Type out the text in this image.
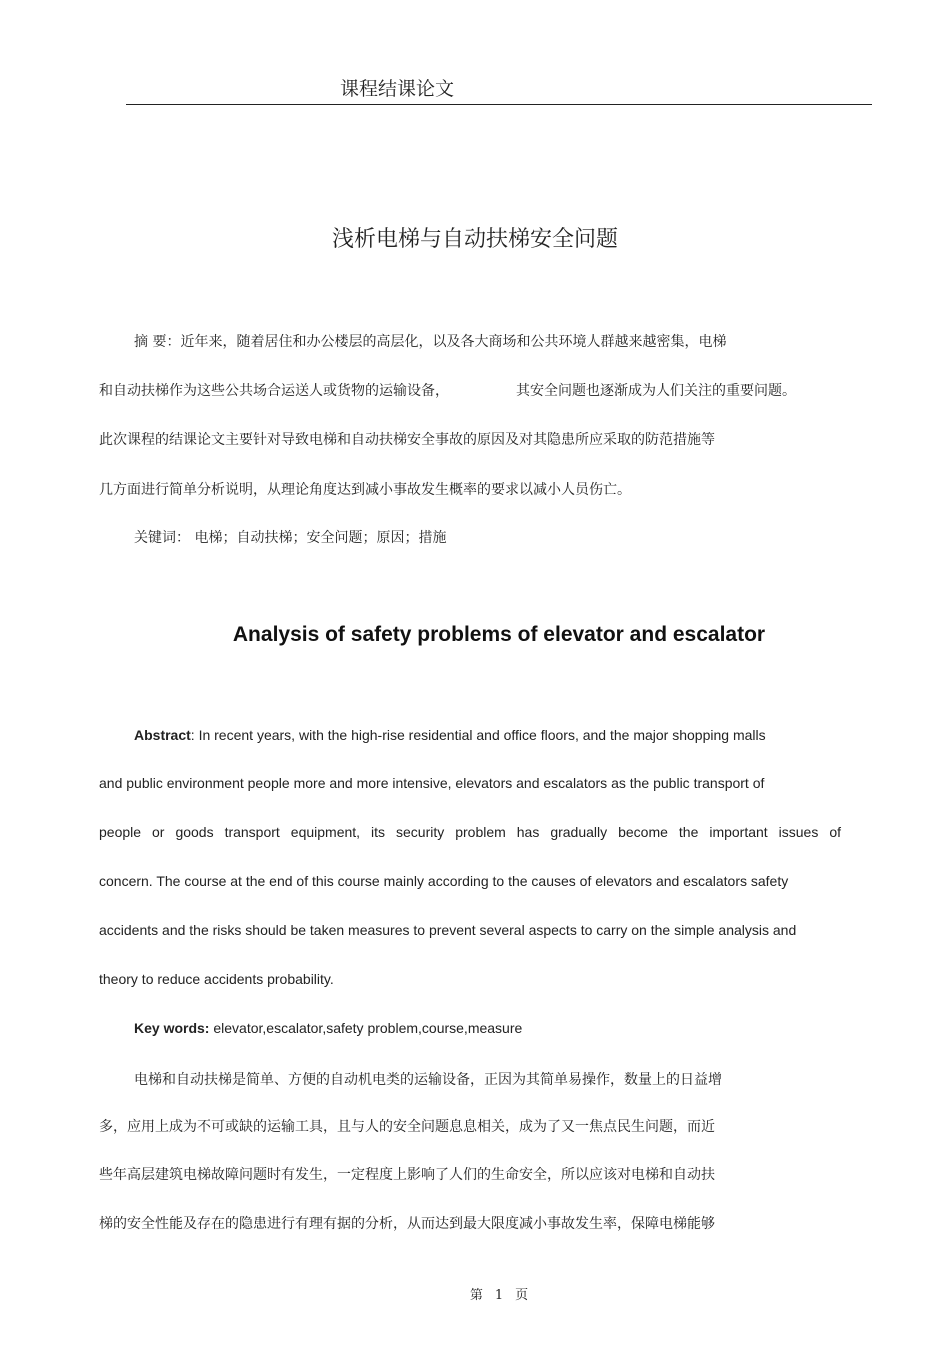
课程结课论文
浅析电梯与自动扶梯安全问题
摘 要：近年来，随着居住和办公楼层的高层化，以及各大商场和公共环境人群越来越密集，电梯
和自动扶梯作为这些公共场合运送人或货物的运输设备，	其安全问题也逐渐成为人们关注的重要问题。
此次课程的结课论文主要针对导致电梯和自动扶梯安全事故的原因及对其隐患所应采取的防范措施等
几方面进行简单分析说明，从理论角度达到减小事故发生概率的要求以减小人员伤亡。
关键词： 电梯；自动扶梯；安全问题；原因；措施
Analysis of safety problems of elevator and escalator
Abstract: In recent years, with the high-rise residential and office floors, and the major shopping malls
and public environment people more and more intensive, elevators and escalators as the public transport of
people or goods transport equipment, its security problem has gradually become the important issues of
concern. The course at the end of this course mainly according to the causes of elevators and escalators safety
accidents and the risks should be taken measures to prevent several aspects to carry on the simple analysis and
theory to reduce accidents probability.
Key words: elevator,escalator,safety problem,course,measure
电梯和自动扶梯是简单、方便的自动机电类的运输设备，正因为其简单易操作，数量上的日益增
多，应用上成为不可或缺的运输工具，且与人的安全问题息息相关，成为了又一焦点民生问题，而近
些年高层建筑电梯故障问题时有发生，一定程度上影响了人们的生命安全，所以应该对电梯和自动扶
梯的安全性能及存在的隐患进行有理有据的分析，从而达到最大限度减小事故发生率，保障电梯能够
第 1 页
